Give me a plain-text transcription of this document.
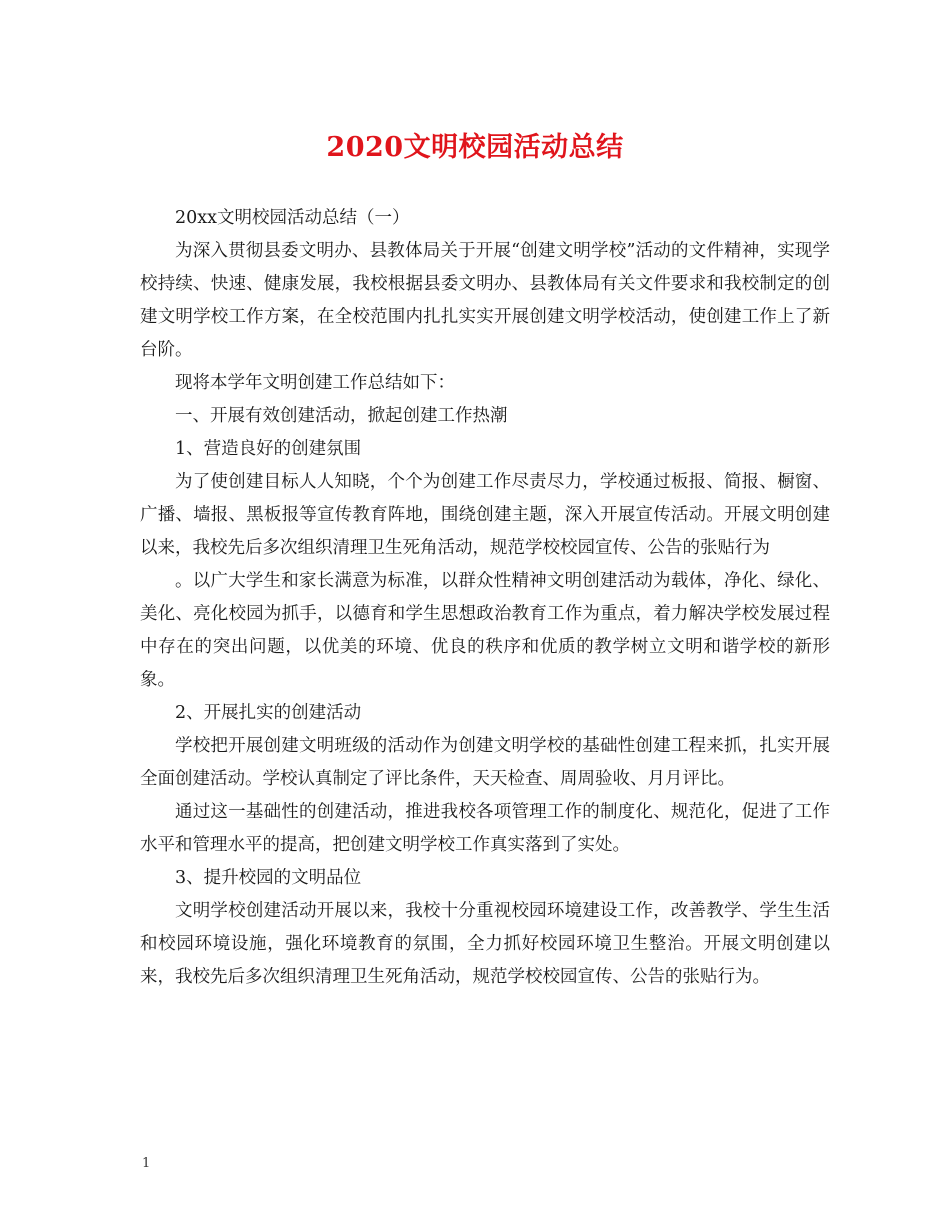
2020文明校园活动总结

20xx文明校园活动总结（一）

为深入贯彻县委文明办、县教体局关于开展“创建文明学校”活动的文件精神，实现学校持续、快速、健康发展，我校根据县委文明办、县教体局有关文件要求和我校制定的创建文明学校工作方案，在全校范围内扎扎实实开展创建文明学校活动，使创建工作上了新台阶。

现将本学年文明创建工作总结如下：

一、开展有效创建活动，掀起创建工作热潮

1、营造良好的创建氛围

为了使创建目标人人知晓，个个为创建工作尽责尽力，学校通过板报、简报、橱窗、广播、墙报、黑板报等宣传教育阵地，围绕创建主题，深入开展宣传活动。开展文明创建以来，我校先后多次组织清理卫生死角活动，规范学校校园宣传、公告的张贴行为

。以广大学生和家长满意为标准，以群众性精神文明创建活动为载体，净化、绿化、美化、亮化校园为抓手，以德育和学生思想政治教育工作为重点，着力解决学校发展过程中存在的突出问题，以优美的环境、优良的秩序和优质的教学树立文明和谐学校的新形象。

2、开展扎实的创建活动

学校把开展创建文明班级的活动作为创建文明学校的基础性创建工程来抓，扎实开展全面创建活动。学校认真制定了评比条件，天天检查、周周验收、月月评比。

通过这一基础性的创建活动，推进我校各项管理工作的制度化、规范化，促进了工作水平和管理水平的提高，把创建文明学校工作真实落到了实处。

3、提升校园的文明品位

文明学校创建活动开展以来，我校十分重视校园环境建设工作，改善教学、学生生活和校园环境设施，强化环境教育的氛围，全力抓好校园环境卫生整治。开展文明创建以来，我校先后多次组织清理卫生死角活动，规范学校校园宣传、公告的张贴行为。

1
